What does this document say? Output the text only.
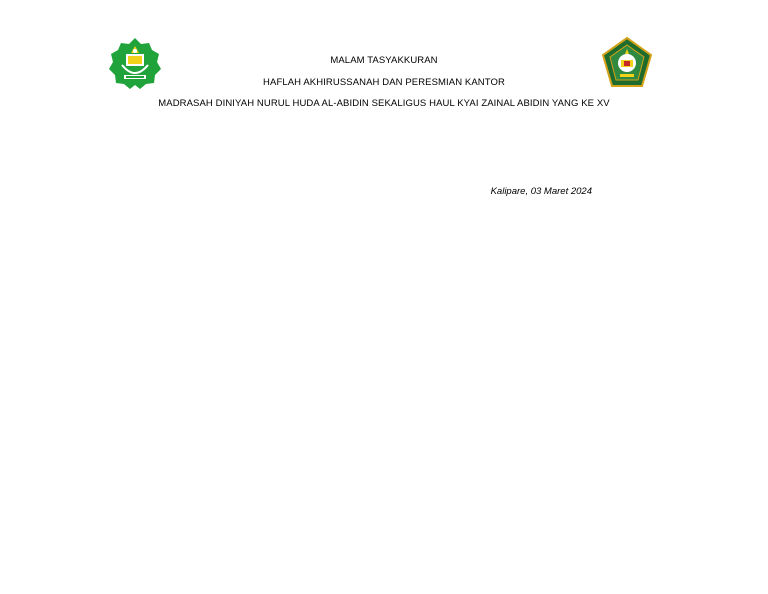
MALAM TASYAKKURAN
HAFLAH AKHIRUSSANAH DAN PERESMIAN KANTOR
MADRASAH DINIYAH NURUL HUDA AL-ABIDIN SEKALIGUS HAUL KYAI ZAINAL ABIDIN YANG KE XV
Kalipare, 03 Maret 2024
